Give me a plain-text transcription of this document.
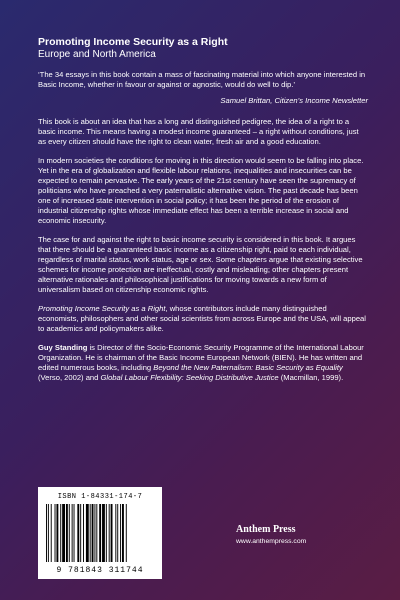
Promoting Income Security as a Right

Europe and North America

‘The 34 essays in this book contain a mass of fascinating material into which anyone interested in Basic Income, whether in favour or against or agnostic, would do well to dip.’

Samuel Brittan, Citizen’s Income Newsletter

This book is about an idea that has a long and distinguished pedigree, the idea of a right to a basic income. This means having a modest income guaranteed – a right without conditions, just as every citizen should have the right to clean water, fresh air and a good education.

In modern societies the conditions for moving in this direction would seem to be falling into place. Yet in the era of globalization and flexible labour relations, inequalities and insecurities can be expected to remain pervasive. The early years of the 21st century have seen the supremacy of politicians who have preached a very paternalistic alternative vision. The past decade has been one of increased state intervention in social policy; it has been the period of the erosion of industrial citizenship rights whose immediate effect has been a terrible increase in social and economic insecurity.

The case for and against the right to basic income security is considered in this book. It argues that there should be a guaranteed basic income as a citizenship right, paid to each individual, regardless of marital status, work status, age or sex. Some chapters argue that existing selective schemes for income protection are ineffectual, costly and misleading; other chapters present alternative rationales and philosophical justifications for moving towards a new form of universalism based on citizenship economic rights.

Promoting Income Security as a Right, whose contributors include many distinguished economists, philosophers and other social scientists from across Europe and the USA, will appeal to academics and policymakers alike.

Guy Standing is Director of the Socio-Economic Security Programme of the International Labour Organization. He is chairman of the Basic Income European Network (BIEN). He has written and edited numerous books, including Beyond the New Paternalism: Basic Security as Equality (Verso, 2002) and Global Labour Flexibility: Seeking Distributive Justice (Macmillan, 1999).

ISBN 1-84331-174-7
9 781843 311744

Anthem Press

www.anthempress.com
